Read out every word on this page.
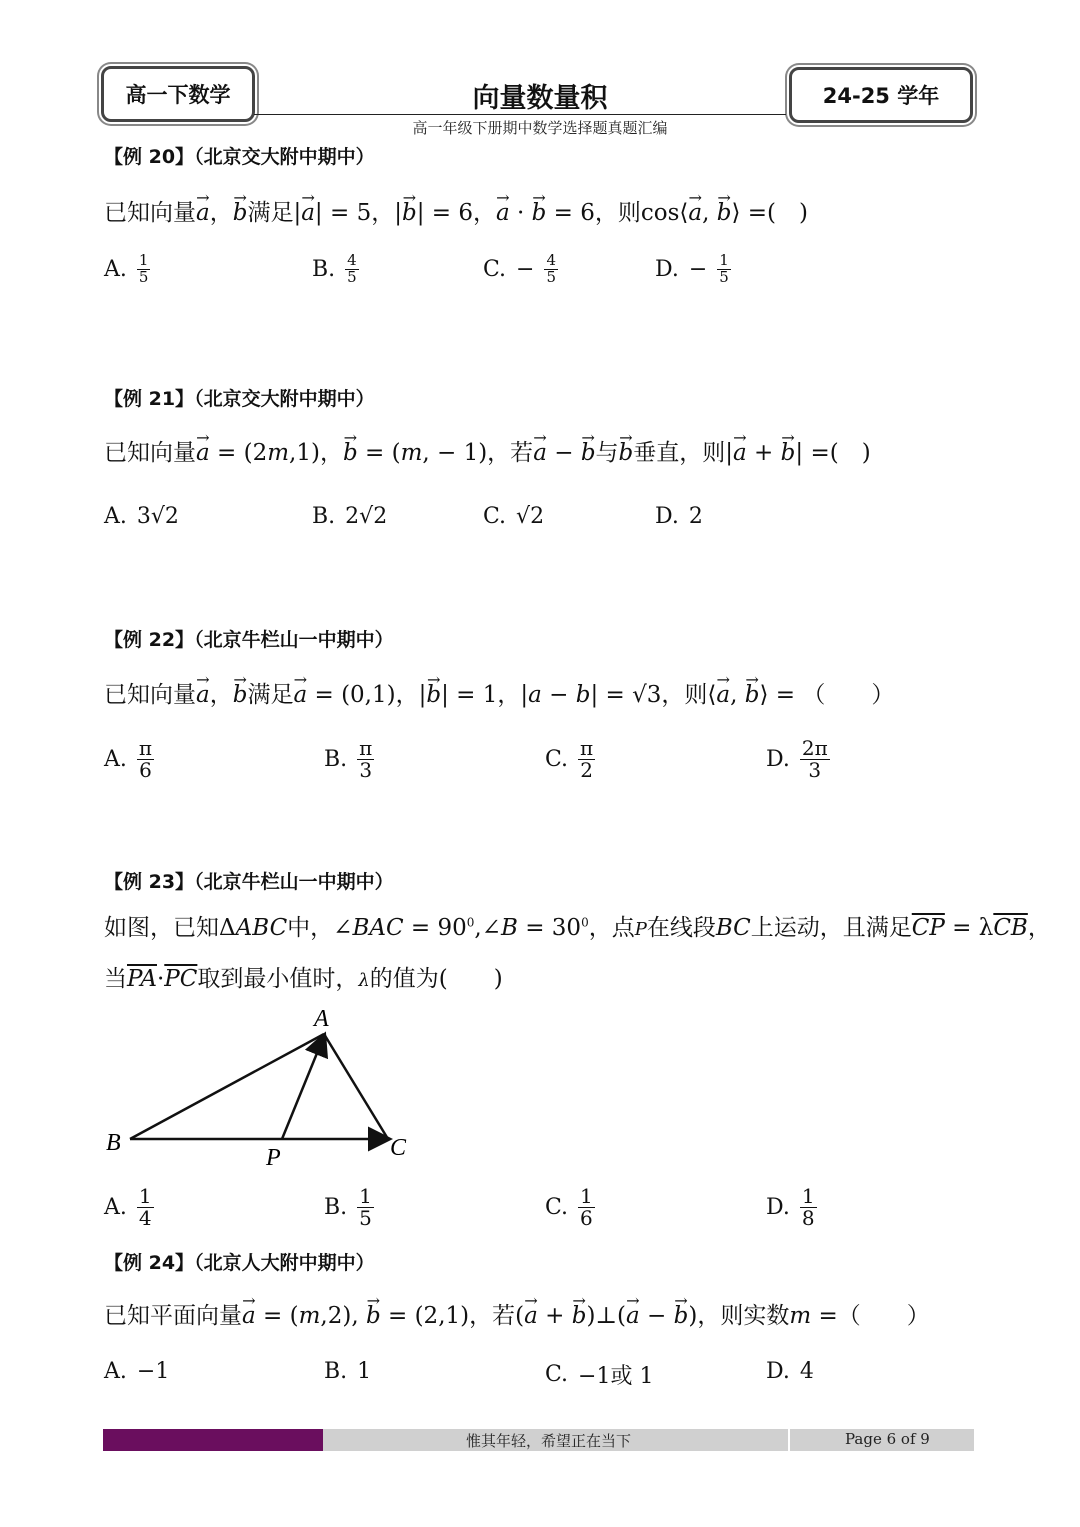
高一下数学	向量数量积	24-25 学年
高一年级下册期中数学选择题真题汇编
【例 20】（北京交大附中期中）
已知向量a →，b →满足|a →| = 5，|b →| = 6，a → · b → = 6，则cos⟨a →, b →⟩ =(　)
A. $\frac{1}{5}$	B. $\frac{4}{5}$	C. − $\frac{4}{5}$	D. − $\frac{1}{5}$
【例 21】（北京交大附中期中）
已知向量a → = (2m,1)，b → = (m, − 1)，若a → − b →与b →垂直，则|a → + b →| =(　)
A. 3√2	B. 2√2	C. √2	D. 2
【例 22】（北京牛栏山一中期中）
已知向量a →，b →满足a → = (0,1)，|b →| = 1，|a − b| = √3，则⟨a →, b →⟩ = （　　）
A. $\frac{\pi}{6}$	B. $\frac{\pi}{3}$	C. $\frac{\pi}{2}$	D. $\frac{2\pi}{3}$
【例 23】（北京牛栏山一中期中）
如图，已知ΔABC中，∠BAC = $90^0,\angle B = 30^0$，点P在线段BC上运动，且满足$\overline{CP} = \lambda\overline{CB}$，
当$\overline{PA}\cdot\overline{PC}$取到最小值时，λ的值为(　　)
A
B
P	C
A. $\frac{1}{4}$	B. $\frac{1}{5}$	C. $\frac{1}{6}$	D. $\frac{1}{8}$
【例 24】（北京人大附中期中）
已知平面向量a → = (m,2), b → = (2,1)，若(a → + b →)⊥(a → − b →)，则实数m =（　　）
A. −1	B. 1	C. −1或 1	D. 4
惟其年轻，希望正在当下	Page 6 of 9
